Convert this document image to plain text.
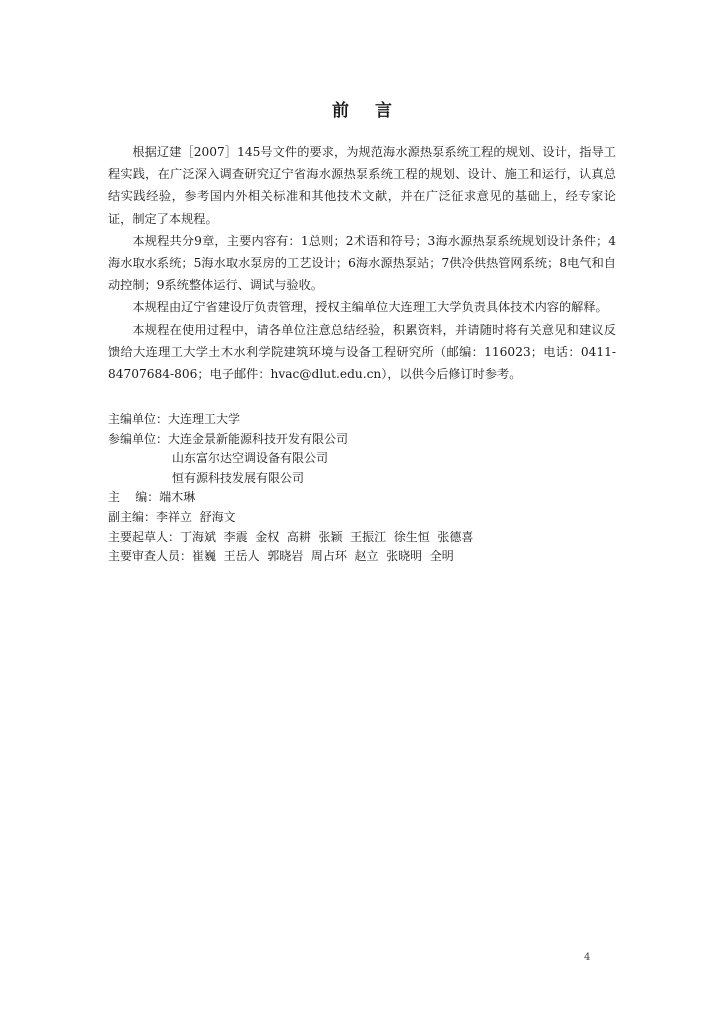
前言

根据辽建［2007］145号文件的要求，为规范海水源热泵系统工程的规划、设计，指导工程实践，在广泛深入调查研究辽宁省海水源热泵系统工程的规划、设计、施工和运行，认真总结实践经验，参考国内外相关标准和其他技术文献，并在广泛征求意见的基础上，经专家论证，制定了本规程。

本规程共分9章，主要内容有：1总则；2术语和符号；3海水源热泵系统规划设计条件；4海水取水系统；5海水取水泵房的工艺设计；6海水源热泵站；7供冷供热管网系统；8电气和自动控制；9系统整体运行、调试与验收。

本规程由辽宁省建设厅负责管理，授权主编单位大连理工大学负责具体技术内容的解释。

本规程在使用过程中，请各单位注意总结经验，积累资料，并请随时将有关意见和建议反馈给大连理工大学土木水利学院建筑环境与设备工程研究所（邮编：116023；电话：0411-84707684-806；电子邮件：hvac@dlut.edu.cn），以供今后修订时参考。

主编单位：大连理工大学
参编单位：大连金景新能源科技开发有限公司
山东富尔达空调设备有限公司
恒有源科技发展有限公司
主    编：端木琳
副主编：李祥立  舒海文
主要起草人：丁海斌  李震  金权  高耕  张颖  王振江  徐生恒  张德喜
主要审查人员：崔巍  王岳人  郭晓岩  周占环  赵立  张晓明  全明
4
